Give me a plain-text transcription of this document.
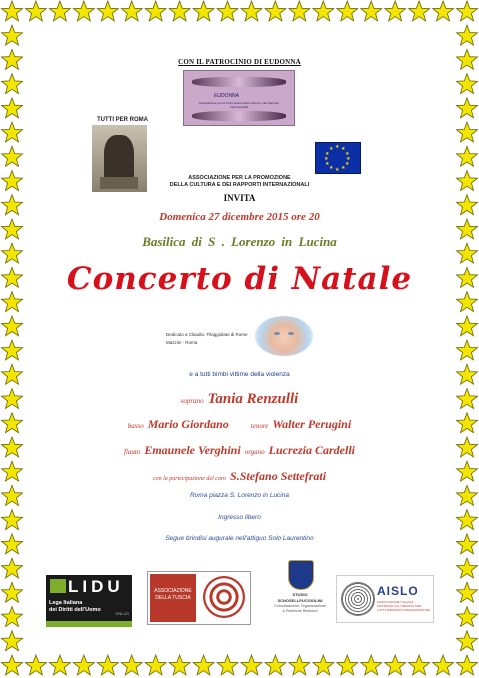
CON IL PATROCINIO DI EUDONNA
EUDONNA
Associazione per la Promozione della Cultura e dei Rapporti Internazionali
TUTTI PER ROMA
★ ★
★
★
★
★
★
★
★
★
★
★
ASSOCIAZIONE PER LA PROMOZIONE
DELLA CULTURA E DEI RAPPORTI INTERNAZIONALI
INVITA
Domenica 27 dicembre 2015 ore 20
Basilica di S . Lorenzo in Lucina
Concerto di Natale
Dedicato a Claudio, Filaggiolato di Rome
Mazzini - Roma
e a tutti bimbi vittime della violenza
soprano Tania Renzulli
basso Mario Giordano	tenore Walter Perugini
flauto Emaunele Verghini organo Lucrezia Cardelli
con la partecipazione del coro S.Stefano Settefrati
Roma piazza S. Lorenzo in Lucina
Ingresso libero
Segue brindisi augurale nell'attiguo Solo Laurentino
LIDU
Lega Italiana
dei Diritti dell'Uomo
ONLUS
ASSOCIAZIONE
DELLA TUSCIA
STUDIO
SCHOSELLPUCGIOLINI
Comunicazione, Organizzazione
& Pubbliche Relazioni
AISLO
ASSOCIAZIONE ITALIANA SOSTEGNO ALL'UMANITA' PER LOTTA PRINCIPIO ORGANIZZAZIONE
